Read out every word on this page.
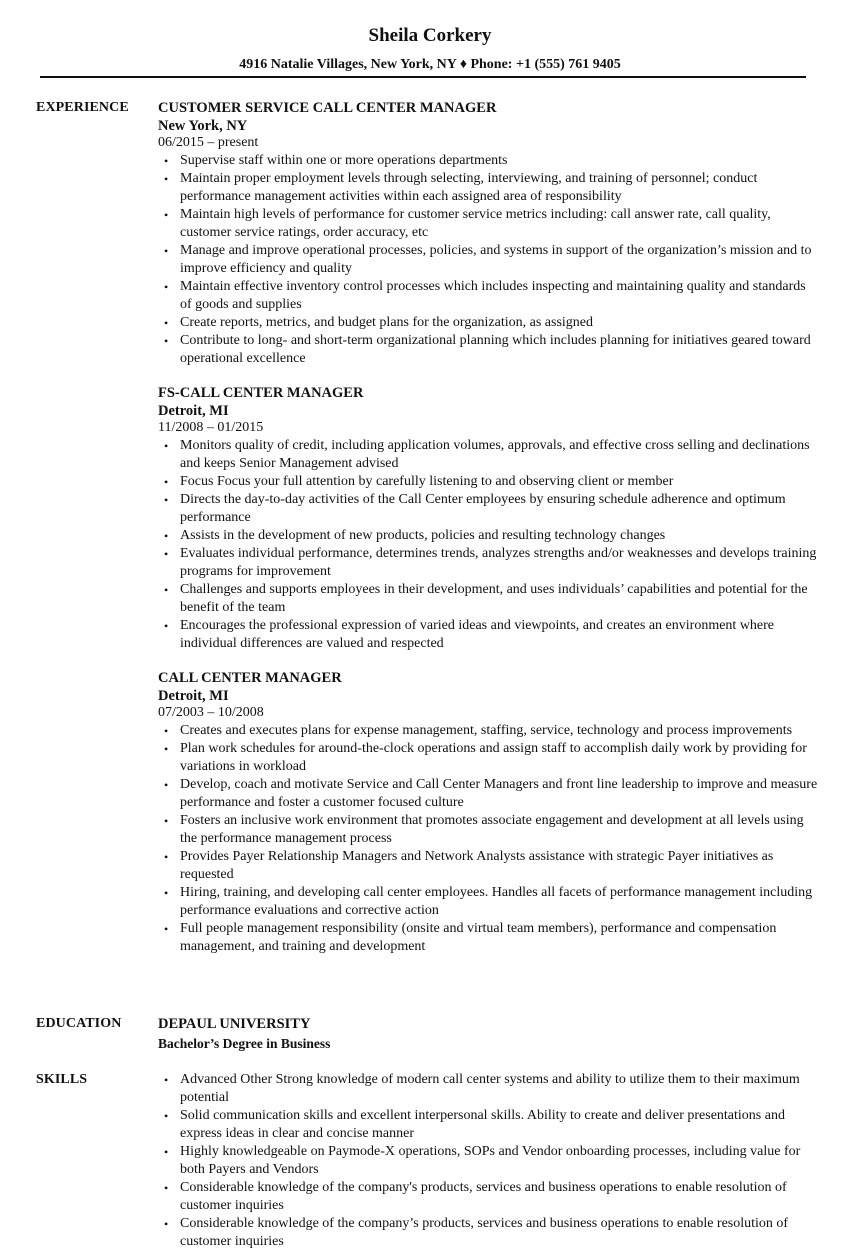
Sheila Corkery
4916 Natalie Villages, New York, NY ♦ Phone: +1 (555) 761 9405
EXPERIENCE CUSTOMER SERVICE CALL CENTER MANAGER
New York, NY
06/2015 – present
• Supervise staff within one or more operations departments
• Maintain proper employment levels through selecting, interviewing, and training of personnel; conduct performance management activities within each assigned area of responsibility
• Maintain high levels of performance for customer service metrics including: call answer rate, call quality, customer service ratings, order accuracy, etc
• Manage and improve operational processes, policies, and systems in support of the organization’s mission and to improve efficiency and quality
• Maintain effective inventory control processes which includes inspecting and maintaining quality and standards of goods and supplies
• Create reports, metrics, and budget plans for the organization, as assigned
• Contribute to long- and short-term organizational planning which includes planning for initiatives geared toward operational excellence
FS-CALL CENTER MANAGER
Detroit, MI
11/2008 – 01/2015
• Monitors quality of credit, including application volumes, approvals, and effective cross selling and declinations and keeps Senior Management advised
• Focus Focus your full attention by carefully listening to and observing client or member
• Directs the day-to-day activities of the Call Center employees by ensuring schedule adherence and optimum performance
• Assists in the development of new products, policies and resulting technology changes
• Evaluates individual performance, determines trends, analyzes strengths and/or weaknesses and develops training programs for improvement
• Challenges and supports employees in their development, and uses individuals’ capabilities and potential for the benefit of the team
• Encourages the professional expression of varied ideas and viewpoints, and creates an environment where individual differences are valued and respected
CALL CENTER MANAGER
Detroit, MI
07/2003 – 10/2008
• Creates and executes plans for expense management, staffing, service, technology and process improvements
• Plan work schedules for around-the-clock operations and assign staff to accomplish daily work by providing for variations in workload
• Develop, coach and motivate Service and Call Center Managers and front line leadership to improve and measure performance and foster a customer focused culture
• Fosters an inclusive work environment that promotes associate engagement and development at all levels using the performance management process
• Provides Payer Relationship Managers and Network Analysts assistance with strategic Payer initiatives as requested
• Hiring, training, and developing call center employees. Handles all facets of performance management including performance evaluations and corrective action
• Full people management responsibility (onsite and virtual team members), performance and compensation management, and training and development
EDUCATION	DEPAUL UNIVERSITY
Bachelor’s Degree in Business
SKILLS	• Advanced Other Strong knowledge of modern call center systems and ability to utilize them to their maximum potential
• Solid communication skills and excellent interpersonal skills. Ability to create and deliver presentations and express ideas in clear and concise manner
• Highly knowledgeable on Paymode-X operations, SOPs and Vendor onboarding processes, including value for both Payers and Vendors
• Considerable knowledge of the company's products, services and business operations to enable resolution of customer inquiries
• Considerable knowledge of the company’s products, services and business operations to enable resolution of customer inquiries
